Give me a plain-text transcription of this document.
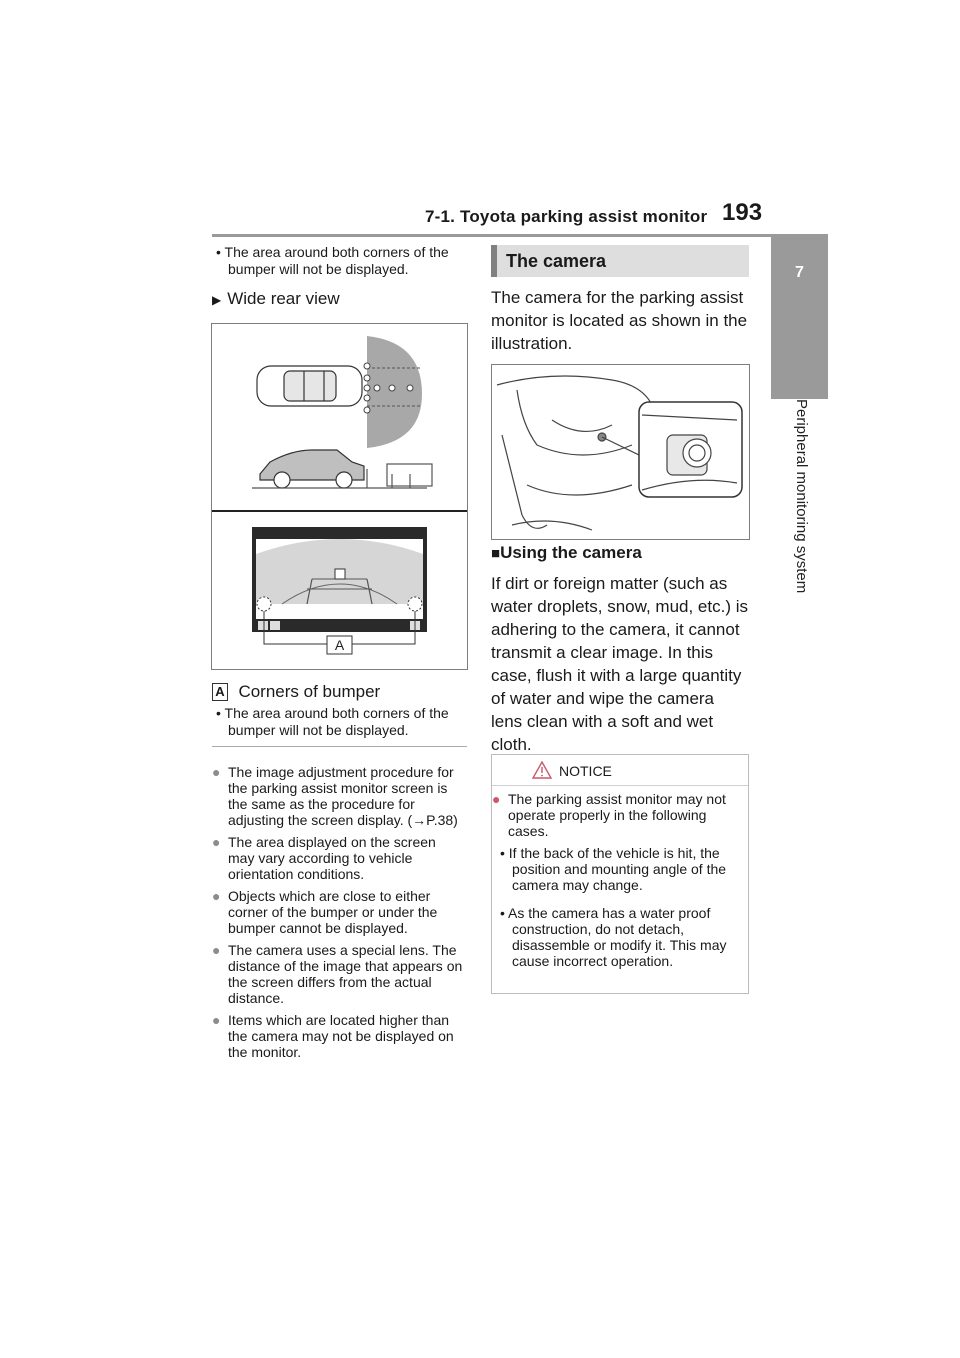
7-1. Toyota parking assist monitor 193
7
Peripheral monitoring system
• The area around both corners of the bumper will not be displayed.
▶ Wide rear view
A
A Corners of bumper
• The area around both corners of the bumper will not be displayed.
● The image adjustment procedure for the parking assist monitor screen is the same as the procedure for adjusting the screen display. (→P.38)
● The area displayed on the screen may vary according to vehicle orientation conditions.
● Objects which are close to either corner of the bumper or under the bumper cannot be displayed.
● The camera uses a special lens. The distance of the image that appears on the screen differs from the actual distance.
● Items which are located higher than the camera may not be displayed on the monitor.
The camera
The camera for the parking assist monitor is located as shown in the illustration.
■Using the camera
If dirt or foreign matter (such as water droplets, snow, mud, etc.) is adhering to the camera, it cannot transmit a clear image. In this case, flush it with a large quantity of water and wipe the camera lens clean with a soft and wet cloth.
NOTICE
● The parking assist monitor may not operate properly in the following cases.
• If the back of the vehicle is hit, the position and mounting angle of the camera may change.
• As the camera has a water proof construction, do not detach, disassemble or modify it. This may cause incorrect operation.
